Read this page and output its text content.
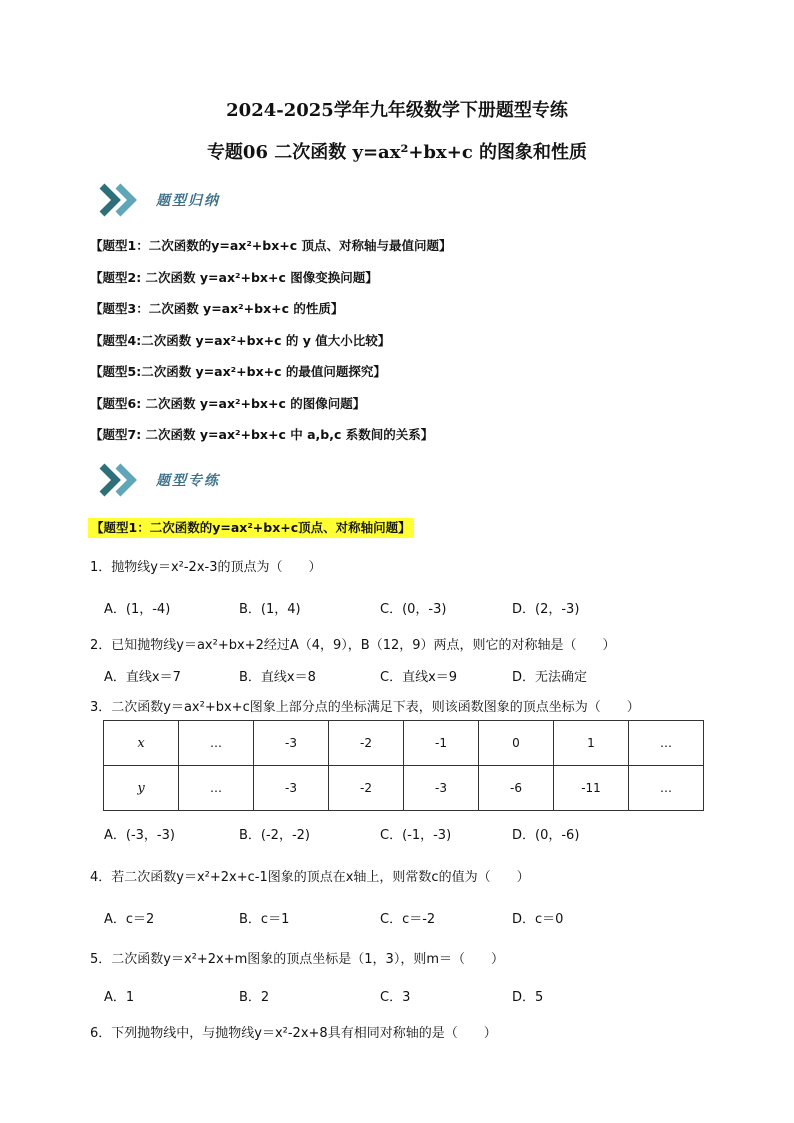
2024-2025学年九年级数学下册题型专练
专题06 二次函数 y=ax²+bx+c 的图象和性质
题型归纳
【题型1：二次函数的y=ax²+bx+c 顶点、对称轴与最值问题】
【题型2: 二次函数 y=ax²+bx+c 图像变换问题】
【题型3：二次函数 y=ax²+bx+c 的性质】
【题型4:二次函数 y=ax²+bx+c 的 y 值大小比较】
【题型5:二次函数 y=ax²+bx+c 的最值问题探究】
【题型6: 二次函数 y=ax²+bx+c 的图像问题】
【题型7: 二次函数 y=ax²+bx+c 中 a,b,c 系数间的关系】
题型专练
【题型1：二次函数的y=ax²+bx+c顶点、对称轴问题】
1．抛物线y＝x²-2x-3的顶点为（　　）
A．(1，-4)	B．(1，4)	C．(0，-3)	D．(2，-3)
2．已知抛物线y＝ax²+bx+2经过A（4，9），B（12，9）两点，则它的对称轴是（　　）
A．直线x＝7	B．直线x＝8	C．直线x＝9	D．无法确定
3．二次函数y＝ax²+bx+c图象上部分点的坐标满足下表，则该函数图象的顶点坐标为（　　）
x	…	-3	-2	-1	0	1	…
y	…	-3	-2	-3	-6	-11	…
A．(-3，-3)	B．(-2，-2)	C．(-1，-3)	D．(0，-6)
4．若二次函数y＝x²+2x+c-1图象的顶点在x轴上，则常数c的值为（　　）
A．c＝2	B．c＝1	C．c＝-2	D．c＝0
5．二次函数y＝x²+2x+m图象的顶点坐标是（1，3），则m＝（　　）
A．1	B．2	C．3	D．5
6．下列抛物线中，与抛物线y＝x²-2x+8具有相同对称轴的是（　　）
